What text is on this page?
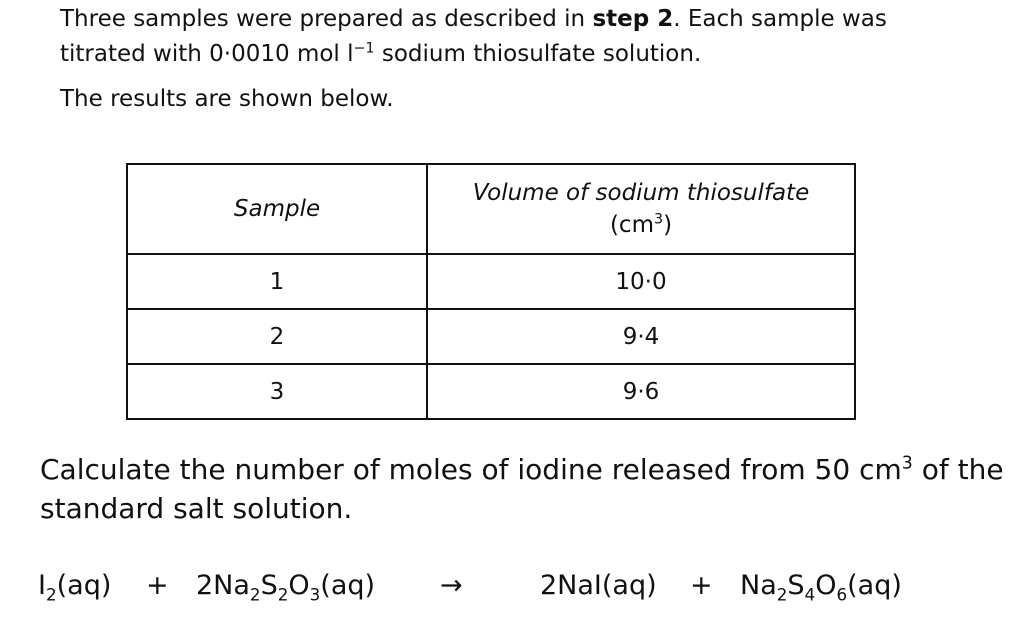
Three samples were prepared as described in step 2. Each sample was titrated with 0·0010 mol $l^{-1}$ sodium thiosulfate solution.

The results are shown below.

Sample	Volume of sodium thiosulfate
$(cm^3)$
1	10·0
2	9·4
3	9·6

Calculate the number of moles of iodine released from 50 $cm^3$ of the standard salt solution.

$I_2(aq) + 2Na_2S_2O_3(aq)$ →	$2NaI(aq) + Na_2S_4O_6(aq)$
